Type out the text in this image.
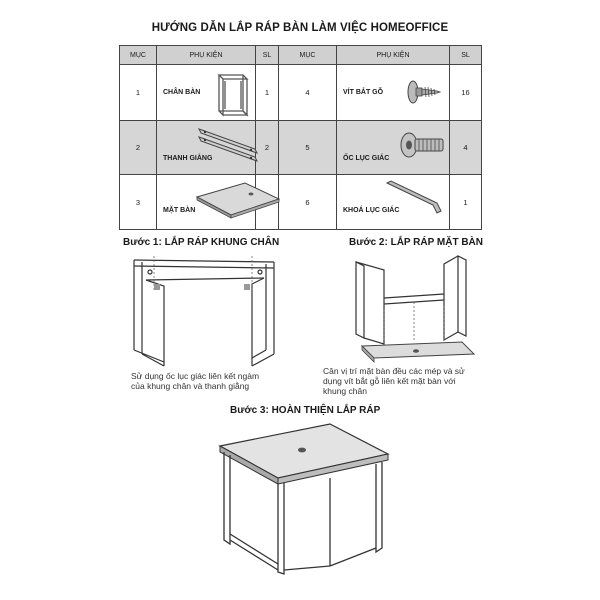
HƯỚNG DẪN LẮP RÁP BÀN LÀM VIỆC HOMEOFFICE
MỤC	PHỤ KIỆN	SL	MỤC	PHỤ KIỆN	SL
1	CHÂN BÀN	1	4	VÍT BẮT GỖ	16
2	THANH GIẰNG	2	5	ỐC LỤC GIÁC	4
3	MẶT BÀN		6	KHOÁ LỤC GIÁC	1
Bước 1: LẮP RÁP KHUNG CHÂN
Sử dụng ốc lục giác liên kết ngàm
của khung chân và thanh giằng
Bước 2: LẮP RÁP MẶT BÀN
Cân vị trí mặt bàn đều các mép và sử
dụng vít bắt gỗ liên kết mặt bàn với
khung chân
Bước 3: HOÀN THIỆN LẮP RÁP
